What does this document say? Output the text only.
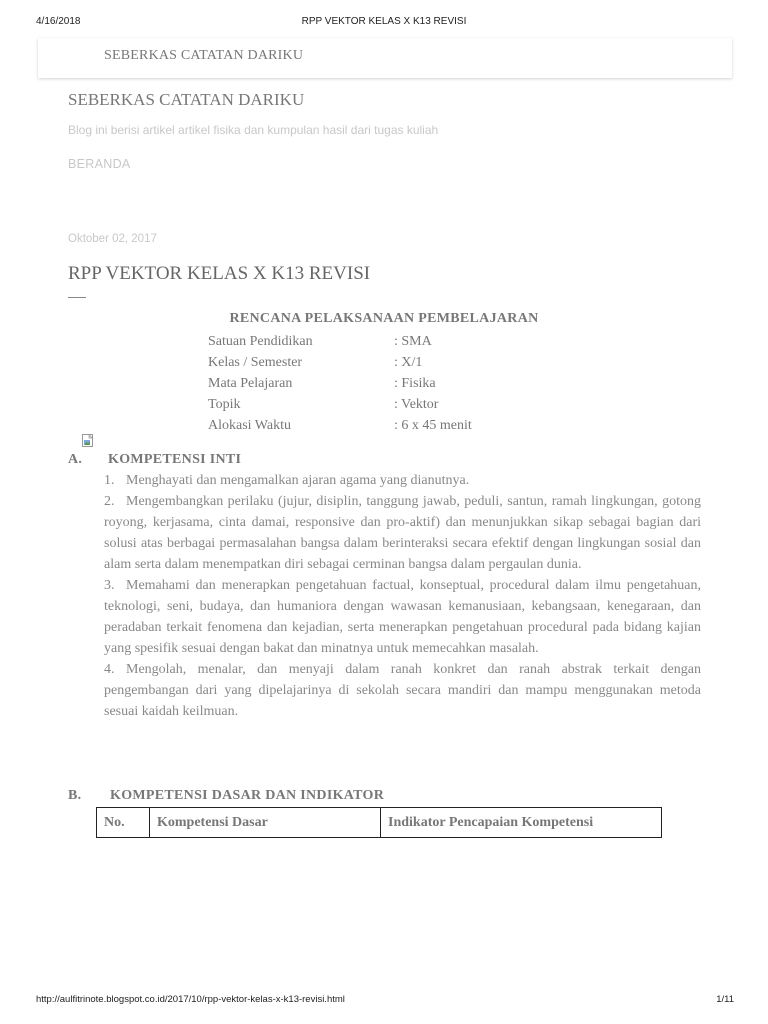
4/16/2018	RPP VEKTOR KELAS X K13 REVISI
SEBERKAS CATATAN DARIKU
SEBERKAS CATATAN DARIKU
Blog ini berisi artikel artikel fisika dan kumpulan hasil dari tugas kuliah
BERANDA
Oktober 02, 2017
RPP VEKTOR KELAS X K13 REVISI
RENCANA PELAKSANAAN PEMBELAJARAN
Satuan Pendidikan	: SMA
Kelas / Semester	: X/1
Mata Pelajaran	: Fisika
Topik	: Vektor
Alokasi Waktu	: 6 x 45 menit
A. KOMPETENSI INTI
1. Menghayati dan mengamalkan ajaran agama yang dianutnya.

2. Mengembangkan perilaku (jujur, disiplin, tanggung jawab, peduli, santun, ramah lingkungan, gotong royong, kerjasama, cinta damai, responsive dan pro-aktif) dan menunjukkan sikap sebagai bagian dari solusi atas berbagai permasalahan bangsa dalam berinteraksi secara efektif dengan lingkungan sosial dan alam serta dalam menempatkan diri sebagai cerminan bangsa dalam pergaulan dunia.

3. Memahami dan menerapkan pengetahuan factual, konseptual, procedural dalam ilmu pengetahuan, teknologi, seni, budaya, dan humaniora dengan wawasan kemanusiaan, kebangsaan, kenegaraan, dan peradaban terkait fenomena dan kejadian, serta menerapkan pengetahuan procedural pada bidang kajian yang spesifik sesuai dengan bakat dan minatnya untuk memecahkan masalah.

4. Mengolah, menalar, dan menyaji dalam ranah konkret dan ranah abstrak terkait dengan pengembangan dari yang dipelajarinya di sekolah secara mandiri dan mampu menggunakan metoda sesuai kaidah keilmuan.

B. KOMPETENSI DASAR DAN INDIKATOR
No.	Kompetensi Dasar	Indikator Pencapaian Kompetensi
http://aulfitrinote.blogspot.co.id/2017/10/rpp-vektor-kelas-x-k13-revisi.html	1/11
